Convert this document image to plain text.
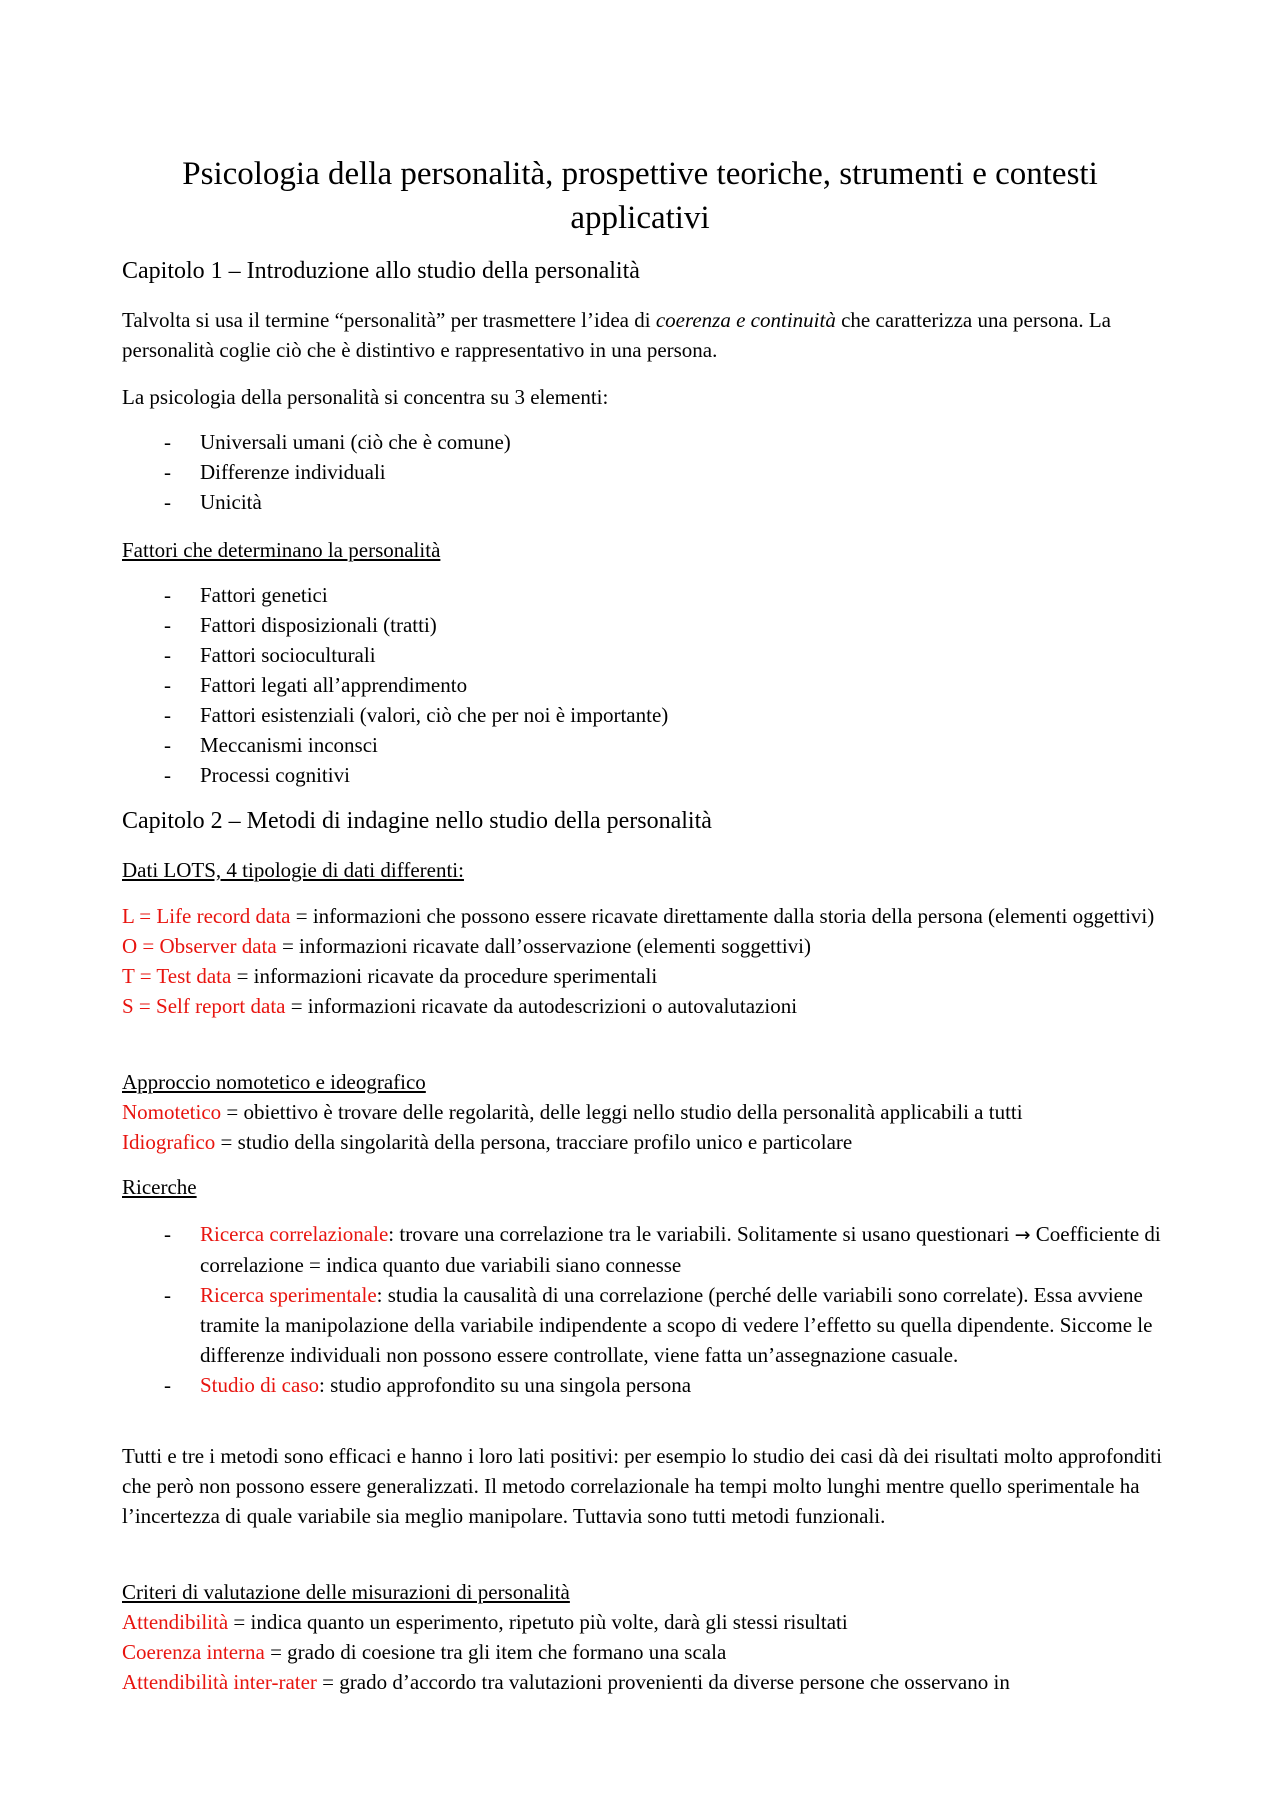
Psicologia della personalità, prospettive teoriche, strumenti e contesti applicativi
Capitolo 1 – Introduzione allo studio della personalità

Talvolta si usa il termine “personalità” per trasmettere l’idea di coerenza e continuità che caratterizza una persona. La personalità coglie ciò che è distintivo e rappresentativo in una persona.

La psicologia della personalità si concentra su 3 elementi:

- Universali umani (ciò che è comune)
- Differenze individuali
- Unicità

Fattori che determinano la personalità

- Fattori genetici
- Fattori disposizionali (tratti)
- Fattori socioculturali
- Fattori legati all’apprendimento
- Fattori esistenziali (valori, ciò che per noi è importante)
- Meccanismi inconsci
- Processi cognitivi
Capitolo 2 – Metodi di indagine nello studio della personalità

Dati LOTS, 4 tipologie di dati differenti:

L = Life record data = informazioni che possono essere ricavate direttamente dalla storia della persona (elementi oggettivi)

O = Observer data = informazioni ricavate dall’osservazione (elementi soggettivi)

T = Test data = informazioni ricavate da procedure sperimentali

S = Self report data = informazioni ricavate da autodescrizioni o autovalutazioni

Approccio nomotetico e ideografico

Nomotetico = obiettivo è trovare delle regolarità, delle leggi nello studio della personalità applicabili a tutti

Idiografico = studio della singolarità della persona, tracciare profilo unico e particolare

Ricerche

- Ricerca correlazionale: trovare una correlazione tra le variabili. Solitamente si usano questionari → Coefficiente di correlazione = indica quanto due variabili siano connesse
- Ricerca sperimentale: studia la causalità di una correlazione (perché delle variabili sono correlate). Essa avviene tramite la manipolazione della variabile indipendente a scopo di vedere l’effetto su quella dipendente. Siccome le differenze individuali non possono essere controllate, viene fatta un’assegnazione casuale.
- Studio di caso: studio approfondito su una singola persona

Tutti e tre i metodi sono efficaci e hanno i loro lati positivi: per esempio lo studio dei casi dà dei risultati molto approfonditi che però non possono essere generalizzati. Il metodo correlazionale ha tempi molto lunghi mentre quello sperimentale ha l’incertezza di quale variabile sia meglio manipolare. Tuttavia sono tutti metodi funzionali.

Criteri di valutazione delle misurazioni di personalità

Attendibilità = indica quanto un esperimento, ripetuto più volte, darà gli stessi risultati

Coerenza interna = grado di coesione tra gli item che formano una scala

Attendibilità inter-rater = grado d’accordo tra valutazioni provenienti da diverse persone che osservano in
